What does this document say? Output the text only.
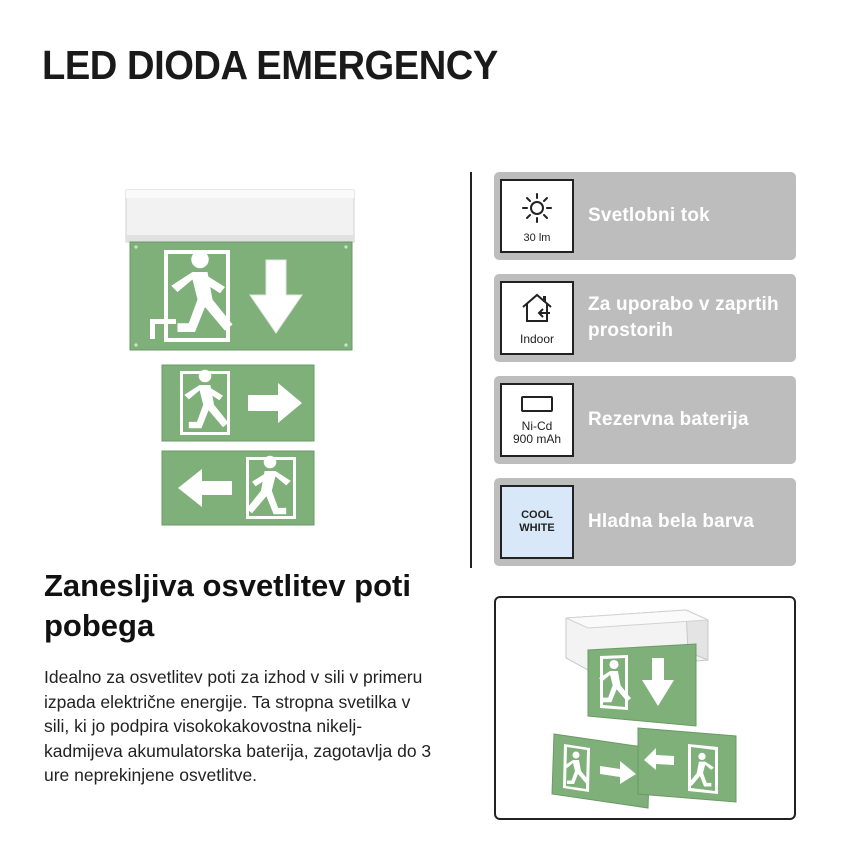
LED DIODA EMERGENCY
30 lm
Svetlobni tok
Indoor
Za uporabo v zaprtih prostorih
Ni-Cd
900 mAh
Rezervna baterija
COOL
WHITE Hladna bela barva
Zanesljiva osvetlitev poti pobega
Idealno za osvetlitev poti za izhod v sili v primeru izpada električne energije. Ta stropna svetilka v sili, ki jo podpira visokokakovostna nikelj-kadmijeva akumulatorska baterija, zagotavlja do 3 ure neprekinjene osvetlitve.
